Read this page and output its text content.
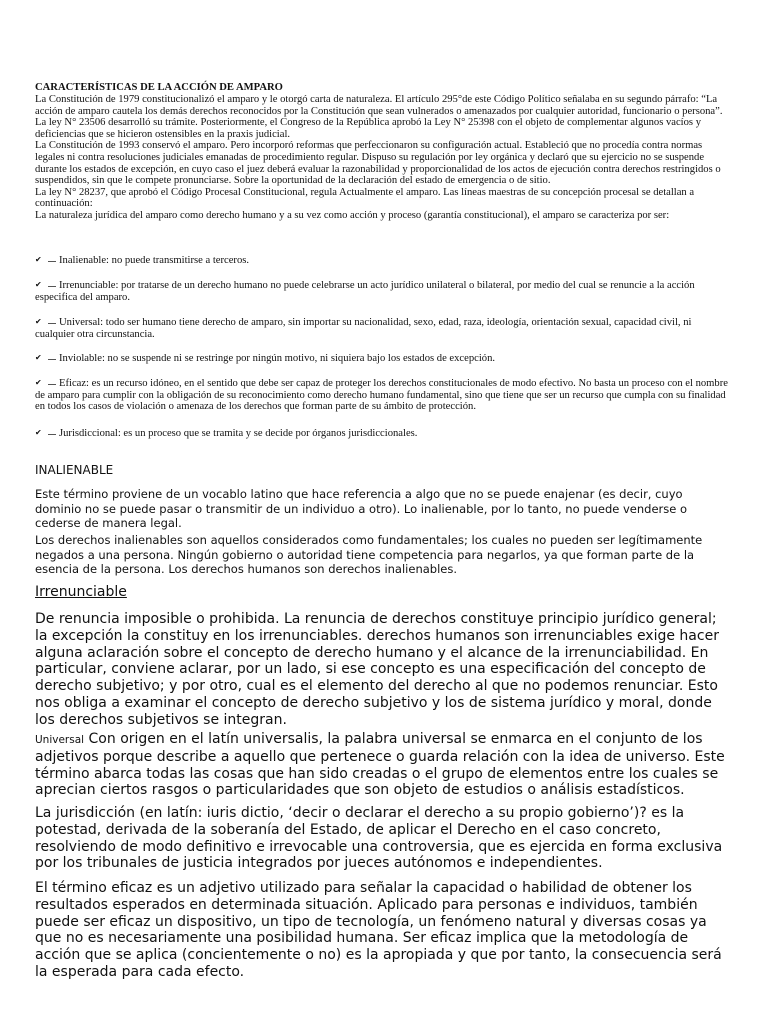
CARACTERÍSTICAS DE LA ACCIÓN DE AMPARO

La Constitución de 1979 constitucionalizó el amparo y le otorgó carta de naturaleza. El artículo 295°de este Código Político señalaba en su segundo párrafo: “La acción de amparo cautela los demás derechos reconocidos por la Constitución que sean vulnerados o amenazados por cualquier autoridad, funcionario o persona”.

La ley N° 23506 desarrolló su trámite. Posteriormente, el Congreso de la República aprobó la Ley N° 25398 con el objeto de complementar algunos vacíos y deficiencias que se hicieron ostensibles en la praxis judicial.

La Constitución de 1993 conservó el amparo. Pero incorporó reformas que perfeccionaron su configuración actual. Estableció que no procedía contra normas legales ni contra resoluciones judiciales emanadas de procedimiento regular. Dispuso su regulación por ley orgánica y declaró que su ejercicio no se suspende durante los estados de excepción, en cuyo caso el juez deberá evaluar la razonabilidad y proporcionalidad de los actos de ejecución contra derechos restringidos o suspendidos, sin que le compete pronunciarse. Sobre la oportunidad de la declaración del estado de emergencia o de sitio.

La ley N° 28237, que aprobó el Código Procesal Constitucional, regula Actualmente el amparo. Las líneas maestras de su concepción procesal se detallan a continuación:

La naturaleza jurídica del amparo como derecho humano y a su vez como acción y proceso (garantía constitucional), el amparo se caracteriza por ser:

✔ Inalienable: no puede transmitirse a terceros.

✔ Irrenunciable: por tratarse de un derecho humano no puede celebrarse un acto jurídico unilateral o bilateral, por medio del cual se renuncie a la acción especifica del amparo.

✔ Universal: todo ser humano tiene derecho de amparo, sin importar su nacionalidad, sexo, edad, raza, ideología, orientación sexual, capacidad civil, ni cualquier otra circunstancia.

✔ Inviolable: no se suspende ni se restringe por ningún motivo, ni siquiera bajo los estados de excepción.

✔ Eficaz: es un recurso idóneo, en el sentido que debe ser capaz de proteger los derechos constitucionales de modo efectivo. No basta un proceso con el nombre de amparo para cumplir con la obligación de su reconocimiento como derecho humano fundamental, sino que tiene que ser un recurso que cumpla con su finalidad en todos los casos de violación o amenaza de los derechos que forman parte de su ámbito de protección.

✔ Jurisdiccional: es un proceso que se tramita y se decide por órganos jurisdiccionales.

INALIENABLE

Este término proviene de un vocablo latino que hace referencia a algo que no se puede enajenar (es decir, cuyo dominio no se puede pasar o transmitir de un individuo a otro). Lo inalienable, por lo tanto, no puede venderse o cederse de manera legal.

Los derechos inalienables son aquellos considerados como fundamentales; los cuales no pueden ser legítimamente negados a una persona. Ningún gobierno o autoridad tiene competencia para negarlos, ya que forman parte de la esencia de la persona. Los derechos humanos son derechos inalienables.

Irrenunciable

De renuncia imposible o prohibida. La renuncia de derechos constituye principio jurídico general; la excepción la constituy en los irrenunciables. derechos humanos son irrenunciables exige hacer alguna aclaración sobre el concepto de derecho humano y el alcance de la irrenunciabilidad. En particular, conviene aclarar, por un lado, si ese concepto es una especificación del concepto de derecho subjetivo; y por otro, cual es el elemento del derecho al que no podemos renunciar. Esto nos obliga a examinar el concepto de derecho subjetivo y los de sistema jurídico y moral, donde los derechos subjetivos se integran.

Universal Con origen en el latín universalis, la palabra universal se enmarca en el conjunto de los adjetivos porque describe a aquello que pertenece o guarda relación con la idea de universo. Este término abarca todas las cosas que han sido creadas o el grupo de elementos entre los cuales se aprecian ciertos rasgos o particularidades que son objeto de estudios o análisis estadísticos.

La jurisdicción (en latín: iuris dictio, ‘decir o declarar el derecho a su propio gobierno’)? es la potestad, derivada de la soberanía del Estado, de aplicar el Derecho en el caso concreto, resolviendo de modo definitivo e irrevocable una controversia, que es ejercida en forma exclusiva por los tribunales de justicia integrados por jueces autónomos e independientes.

El término eficaz es un adjetivo utilizado para señalar la capacidad o habilidad de obtener los resultados esperados en determinada situación. Aplicado para personas e individuos, también puede ser eficaz un dispositivo, un tipo de tecnología, un fenómeno natural y diversas cosas ya que no es necesariamente una posibilidad humana. Ser eficaz implica que la metodología de acción que se aplica (concientemente o no) es la apropiada y que por tanto, la consecuencia será la esperada para cada efecto.
